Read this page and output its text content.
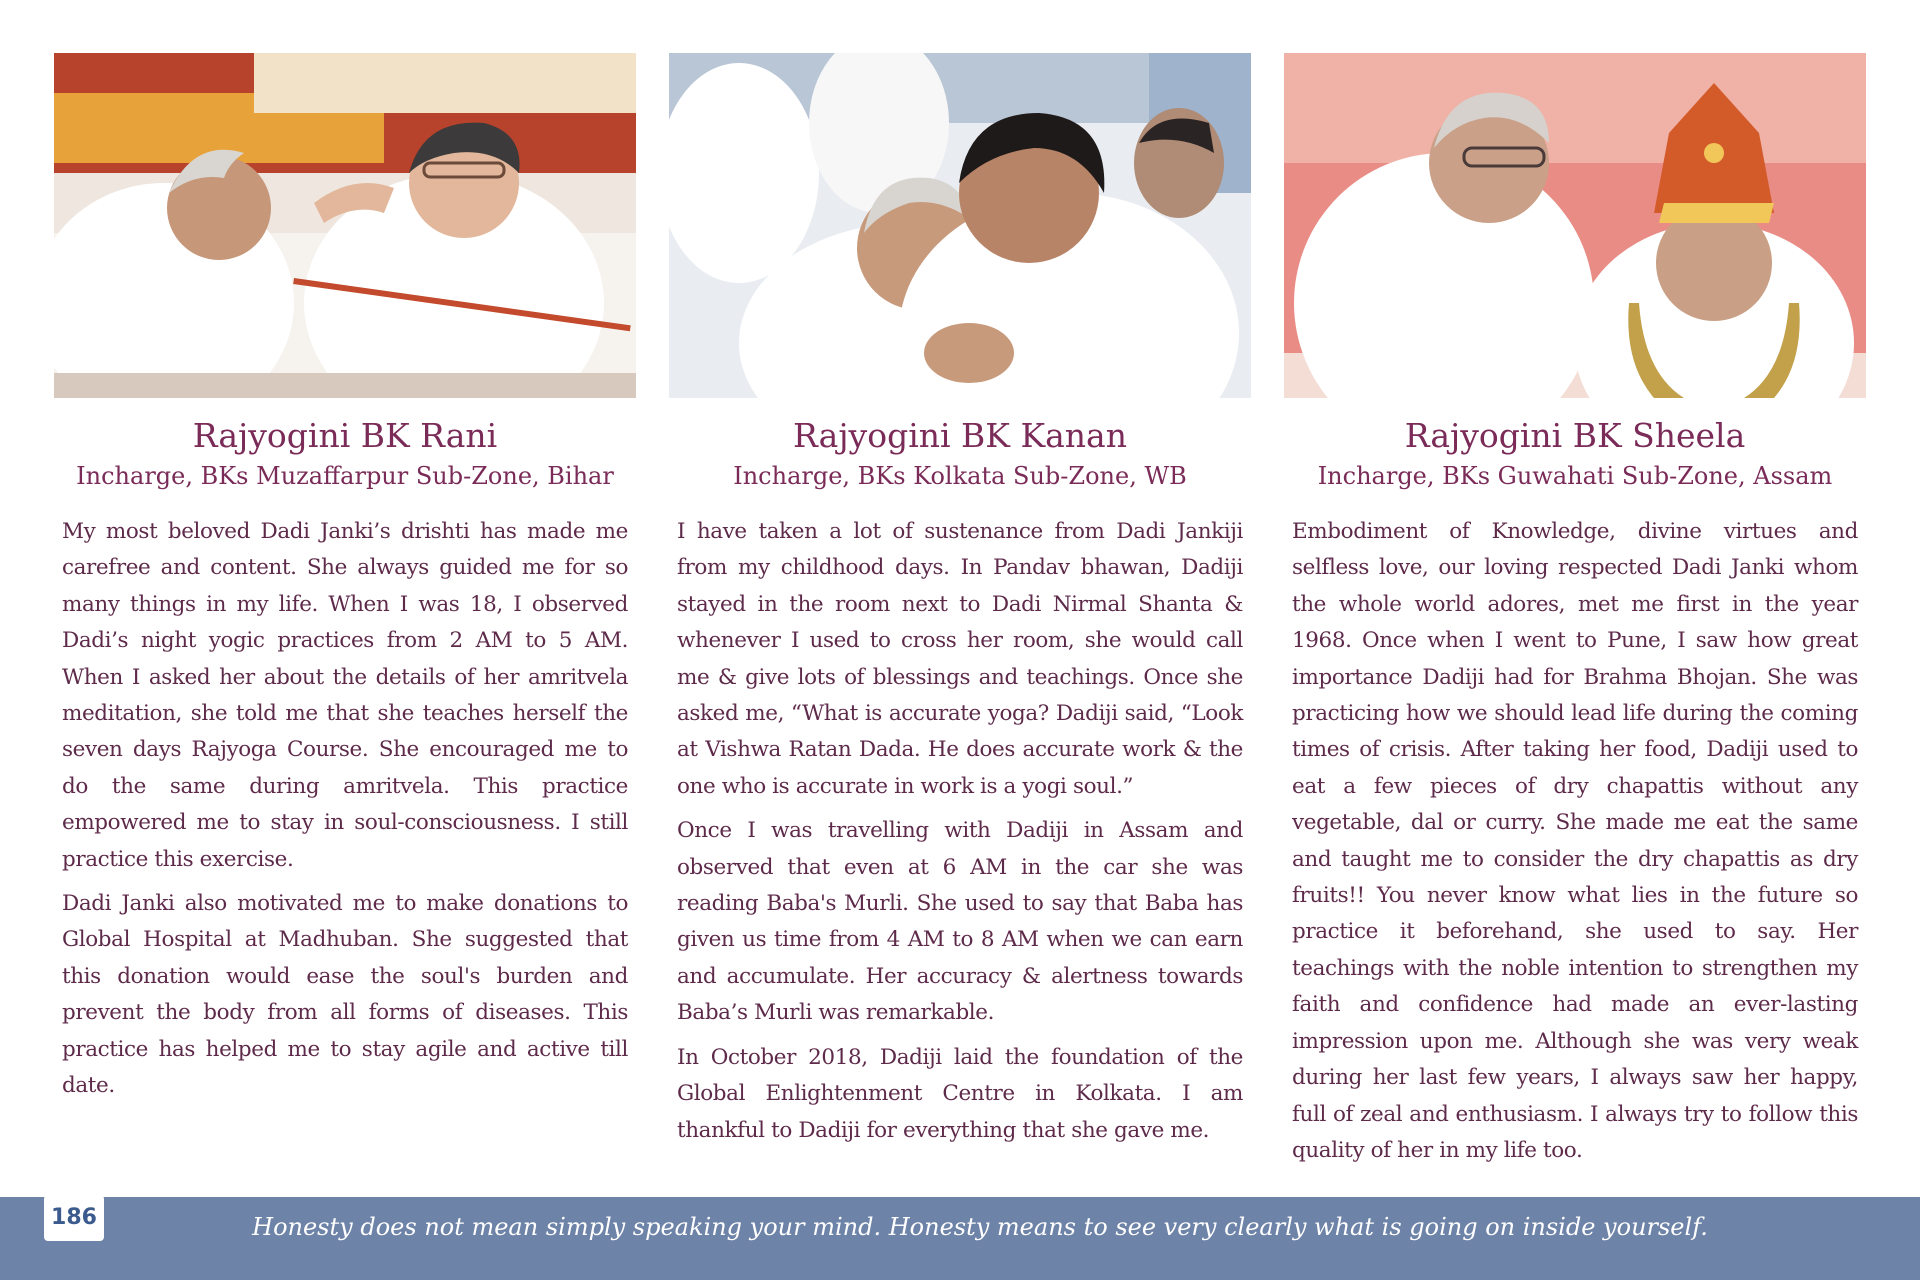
Rajyogini BK Rani
Incharge, BKs Muzaffarpur Sub-Zone, Bihar

My most beloved Dadi Janki’s drishti has made me carefree and content. She always guided me for so many things in my life. When I was 18, I observed Dadi’s night yogic practices from 2 AM to 5 AM. When I asked her about the details of her amritvela meditation, she told me that she teaches herself the seven days Rajyoga Course. She encouraged me to do the same during amritvela. This practice empowered me to stay in soul-consciousness. I still practice this exercise.

Dadi Janki also motivated me to make donations to Global Hospital at Madhuban. She suggested that this donation would ease the soul's burden and prevent the body from all forms of diseases. This practice has helped me to stay agile and active till date.

Rajyogini BK Kanan
Incharge, BKs Kolkata Sub-Zone, WB

I have taken a lot of sustenance from Dadi Jankiji from my childhood days. In Pandav bhawan, Dadiji stayed in the room next to Dadi Nirmal Shanta & whenever I used to cross her room, she would call me & give lots of blessings and teachings. Once she asked me, “What is accurate yoga? Dadiji said, “Look at Vishwa Ratan Dada. He does accurate work & the one who is accurate in work is a yogi soul.”

Once I was travelling with Dadiji in Assam and observed that even at 6 AM in the car she was reading Baba's Murli. She used to say that Baba has given us time from 4 AM to 8 AM when we can earn and accumulate. Her accuracy & alertness towards Baba’s Murli was remarkable.

In October 2018, Dadiji laid the foundation of the Global Enlightenment Centre in Kolkata. I am thankful to Dadiji for everything that she gave me.

Rajyogini BK Sheela
Incharge, BKs Guwahati Sub-Zone, Assam

Embodiment of Knowledge, divine virtues and selfless love, our loving respected Dadi Janki whom the whole world adores, met me first in the year 1968. Once when I went to Pune, I saw how great importance Dadiji had for Brahma Bhojan. She was practicing how we should lead life during the coming times of crisis. After taking her food, Dadiji used to eat a few pieces of dry chapattis without any vegetable, dal or curry. She made me eat the same and taught me to consider the dry chapattis as dry fruits!! You never know what lies in the future so practice it beforehand, she used to say. Her teachings with the noble intention to strengthen my faith and confidence had made an ever-lasting impression upon me. Although she was very weak during her last few years, I always saw her happy, full of zeal and enthusiasm. I always try to follow this quality of her in my life too.

186	Honesty does not mean simply speaking your mind. Honesty means to see very clearly what is going on inside yourself.
